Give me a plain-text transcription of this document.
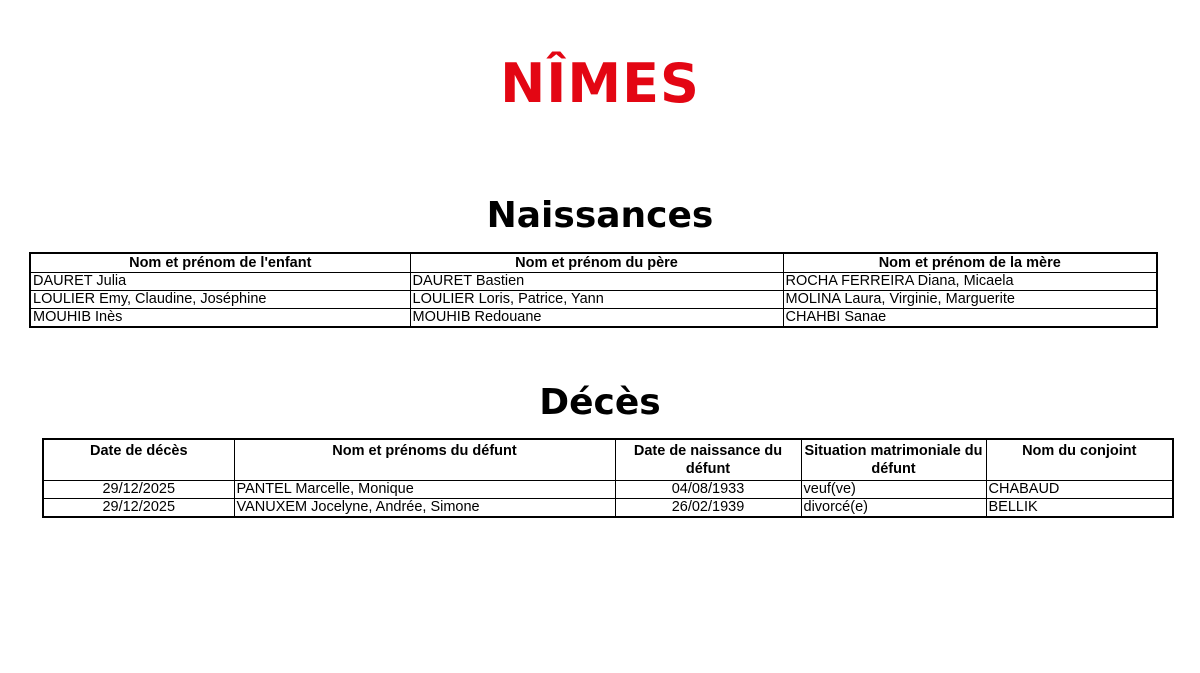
NÎMES
Naissances
Nom et prénom de l'enfant	Nom et prénom du père	Nom et prénom de la mère
DAURET Julia	DAURET Bastien	ROCHA FERREIRA Diana, Micaela
LOULIER Emy, Claudine, Joséphine	LOULIER Loris, Patrice, Yann	MOLINA Laura, Virginie, Marguerite
MOUHIB Inès	MOUHIB Redouane	CHAHBI Sanae
Décès
Date de décès	Nom et prénoms du défunt	Date de naissance du défunt	Situation matrimoniale du défunt	Nom du conjoint
29/12/2025	PANTEL Marcelle, Monique	04/08/1933	veuf(ve)	CHABAUD
29/12/2025	VANUXEM Jocelyne, Andrée, Simone	26/02/1939	divorcé(e)	BELLIK
